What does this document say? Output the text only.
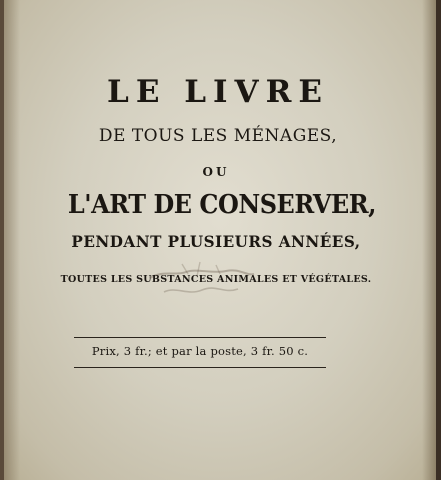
LE LIVRE

DE TOUS LES MÉNAGES,

OU

L'ART DE CONSERVER,

PENDANT PLUSIEURS ANNÉES,

TOUTES LES SUBSTANCES ANIMALES ET VÉGÉTALES.

Prix, 3 fr.; et par la poste, 3 fr. 50 c.
